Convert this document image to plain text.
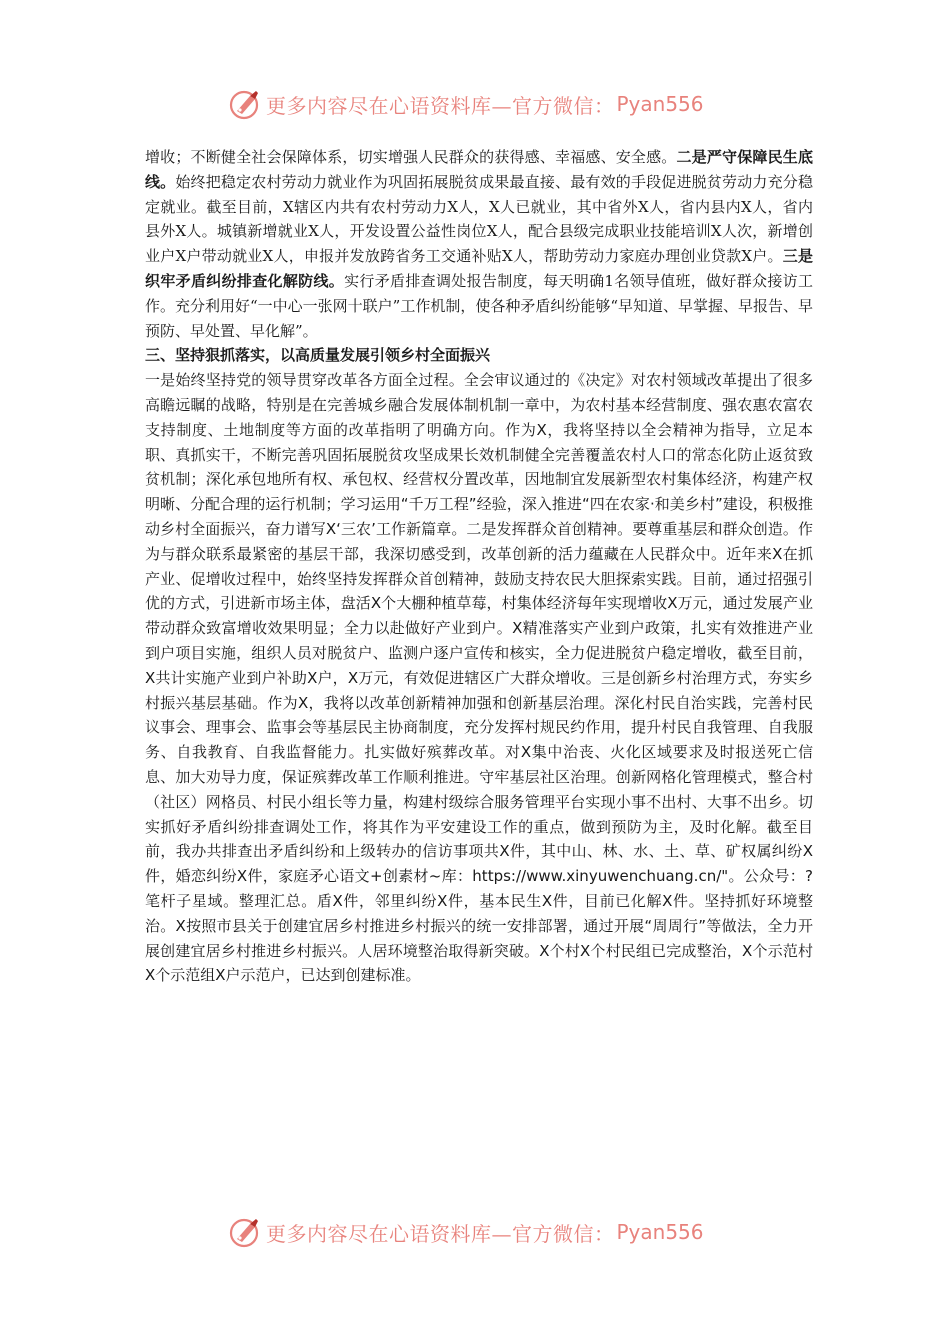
更多内容尽在心语资料库—官方微信： Pyan556

增收；不断健全社会保障体系，切实增强人民群众的获得感、幸福感、安全感。二是严守保障民生底线。始终把稳定农村劳动力就业作为巩固拓展脱贫成果最直接、最有效的手段促进脱贫劳动力充分稳定就业。截至目前，X辖区内共有农村劳动力X人，X人已就业，其中省外X人，省内县内X人，省内县外X人。城镇新增就业X人，开发设置公益性岗位X人，配合县级完成职业技能培训X人次，新增创业户X户带动就业X人，申报并发放跨省务工交通补贴X人，帮助劳动力家庭办理创业贷款X户。三是织牢矛盾纠纷排查化解防线。实行矛盾排查调处报告制度，每天明确1名领导值班，做好群众接访工作。充分利用好“一中心一张网十联户”工作机制，使各种矛盾纠纷能够“早知道、早掌握、早报告、早预防、早处置、早化解”。

三、坚持狠抓落实，以高质量发展引领乡村全面振兴

一是始终坚持党的领导贯穿改革各方面全过程。全会审议通过的《决定》对农村领域改革提出了很多高瞻远瞩的战略，特别是在完善城乡融合发展体制机制一章中，为农村基本经营制度、强农惠农富农支持制度、土地制度等方面的改革指明了明确方向。作为X，我将坚持以全会精神为指导，立足本职、真抓实干，不断完善巩固拓展脱贫攻坚成果长效机制健全完善覆盖农村人口的常态化防止返贫致贫机制；深化承包地所有权、承包权、经营权分置改革，因地制宜发展新型农村集体经济，构建产权明晰、分配合理的运行机制；学习运用“千万工程”经验，深入推进“四在农家·和美乡村”建设，积极推动乡村全面振兴，奋力谱写X‘三农’工作新篇章。二是发挥群众首创精神。要尊重基层和群众创造。作为与群众联系最紧密的基层干部，我深切感受到，改革创新的活力蕴藏在人民群众中。近年来X在抓产业、促增收过程中，始终坚持发挥群众首创精神，鼓励支持农民大胆探索实践。目前，通过招强引优的方式，引进新市场主体，盘活X个大棚种植草莓，村集体经济每年实现增收X万元，通过发展产业带动群众致富增收效果明显；全力以赴做好产业到户。X精准落实产业到户政策，扎实有效推进产业到户项目实施，组织人员对脱贫户、监测户逐户宣传和核实，全力促进脱贫户稳定增收，截至目前，X共计实施产业到户补助X户，X万元，有效促进辖区广大群众增收。三是创新乡村治理方式，夯实乡村振兴基层基础。作为X，我将以改革创新精神加强和创新基层治理。深化村民自治实践，完善村民议事会、理事会、监事会等基层民主协商制度，充分发挥村规民约作用，提升村民自我管理、自我服务、自我教育、自我监督能力。扎实做好殡葬改革。对X集中治丧、火化区域要求及时报送死亡信息、加大劝导力度，保证殡葬改革工作顺利推进。守牢基层社区治理。创新网格化管理模式，整合村（社区）网格员、村民小组长等力量，构建村级综合服务管理平台实现小事不出村、大事不出乡。切实抓好矛盾纠纷排查调处工作，将其作为平安建设工作的重点，做到预防为主，及时化解。截至目前，我办共排查出矛盾纠纷和上级转办的信访事项共X件，其中山、林、水、土、草、矿权属纠纷X件，婚恋纠纷X件，家庭矛心语文+创素材~库：https://www.xinyuwenchuang.cn/"。公众号：?笔杆子星域。整理汇总。盾X件，邻里纠纷X件，基本民生X件，目前已化解X件。坚持抓好环境整治。X按照市县关于创建宜居乡村推进乡村振兴的统一安排部署，通过开展“周周行”等做法，全力开展创建宜居乡村推进乡村振兴。人居环境整治取得新突破。X个村X个村民组已完成整治，X个示范村X个示范组X户示范户，已达到创建标准。

更多内容尽在心语资料库—官方微信： Pyan556
